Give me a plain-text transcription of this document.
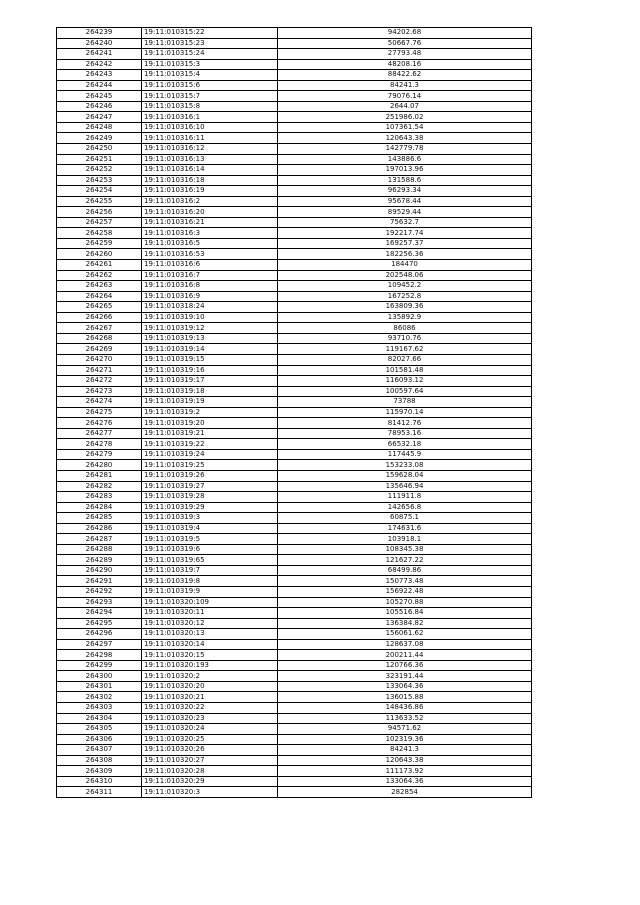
264239	19:11:010315:22	94202.68
264240	19:11:010315:23	50667.76
264241	19:11:010315:24	27793.48
264242	19:11:010315:3	48208.16
264243	19:11:010315:4	88422.62
264244	19:11:010315:6	84241.3
264245	19:11:010315:7	79076.14
264246	19:11:010315:8	2644.07
264247	19:11:010316:1	251986.02
264248	19:11:010316:10	107361.54
264249	19:11:010316:11	120643.38
264250	19:11:010316:12	142779.78
264251	19:11:010316:13	143886.6
264252	19:11:010316:14	197013.96
264253	19:11:010316:18	131588.6
264254	19:11:010316:19	96293.34
264255	19:11:010316:2	95678.44
264256	19:11:010316:20	89529.44
264257	19:11:010316:21	75632.7
264258	19:11:010316:3	192217.74
264259	19:11:010316:5	169257.37
264260	19:11:010316:53	182256.36
264261	19:11:010316:6	184470
264262	19:11:010316:7	202548.06
264263	19:11:010316:8	109452.2
264264	19:11:010316:9	167252.8
264265	19:11:010318:24	163809.36
264266	19:11:010319:10	135892.9
264267	19:11:010319:12	86086
264268	19:11:010319:13	93710.76
264269	19:11:010319:14	119167.62
264270	19:11:010319:15	82027.66
264271	19:11:010319:16	101581.48
264272	19:11:010319:17	116093.12
264273	19:11:010319:18	100597.64
264274	19:11:010319:19	73788
264275	19:11:010319:2	115970.14
264276	19:11:010319:20	81412.76
264277	19:11:010319:21	78953.16
264278	19:11:010319:22	66532.18
264279	19:11:010319:24	117445.9
264280	19:11:010319:25	153233.08
264281	19:11:010319:26	159628.04
264282	19:11:010319:27	135646.94
264283	19:11:010319:28	111911.8
264284	19:11:010319:29	142656.8
264285	19:11:010319:3	60875.1
264286	19:11:010319:4	174631.6
264287	19:11:010319:5	103918.1
264288	19:11:010319:6	108345.38
264289	19:11:010319:65	121627.22
264290	19:11:010319:7	68499.86
264291	19:11:010319:8	150773.48
264292	19:11:010319:9	156922.48
264293	19:11:010320:109	105270.88
264294	19:11:010320:11	105516.84
264295	19:11:010320:12	136384.82
264296	19:11:010320:13	156061.62
264297	19:11:010320:14	128637.08
264298	19:11:010320:15	200211.44
264299	19:11:010320:193	120766.36
264300	19:11:010320:2	323191.44
264301	19:11:010320:20	133064.36
264302	19:11:010320:21	136015.88
264303	19:11:010320:22	148436.86
264304	19:11:010320:23	113633.52
264305	19:11:010320:24	94571.62
264306	19:11:010320:25	102319.36
264307	19:11:010320:26	84241.3
264308	19:11:010320:27	120643.38
264309	19:11:010320:28	111173.92
264310	19:11:010320:29	133064.36
264311	19:11:010320:3	282854
